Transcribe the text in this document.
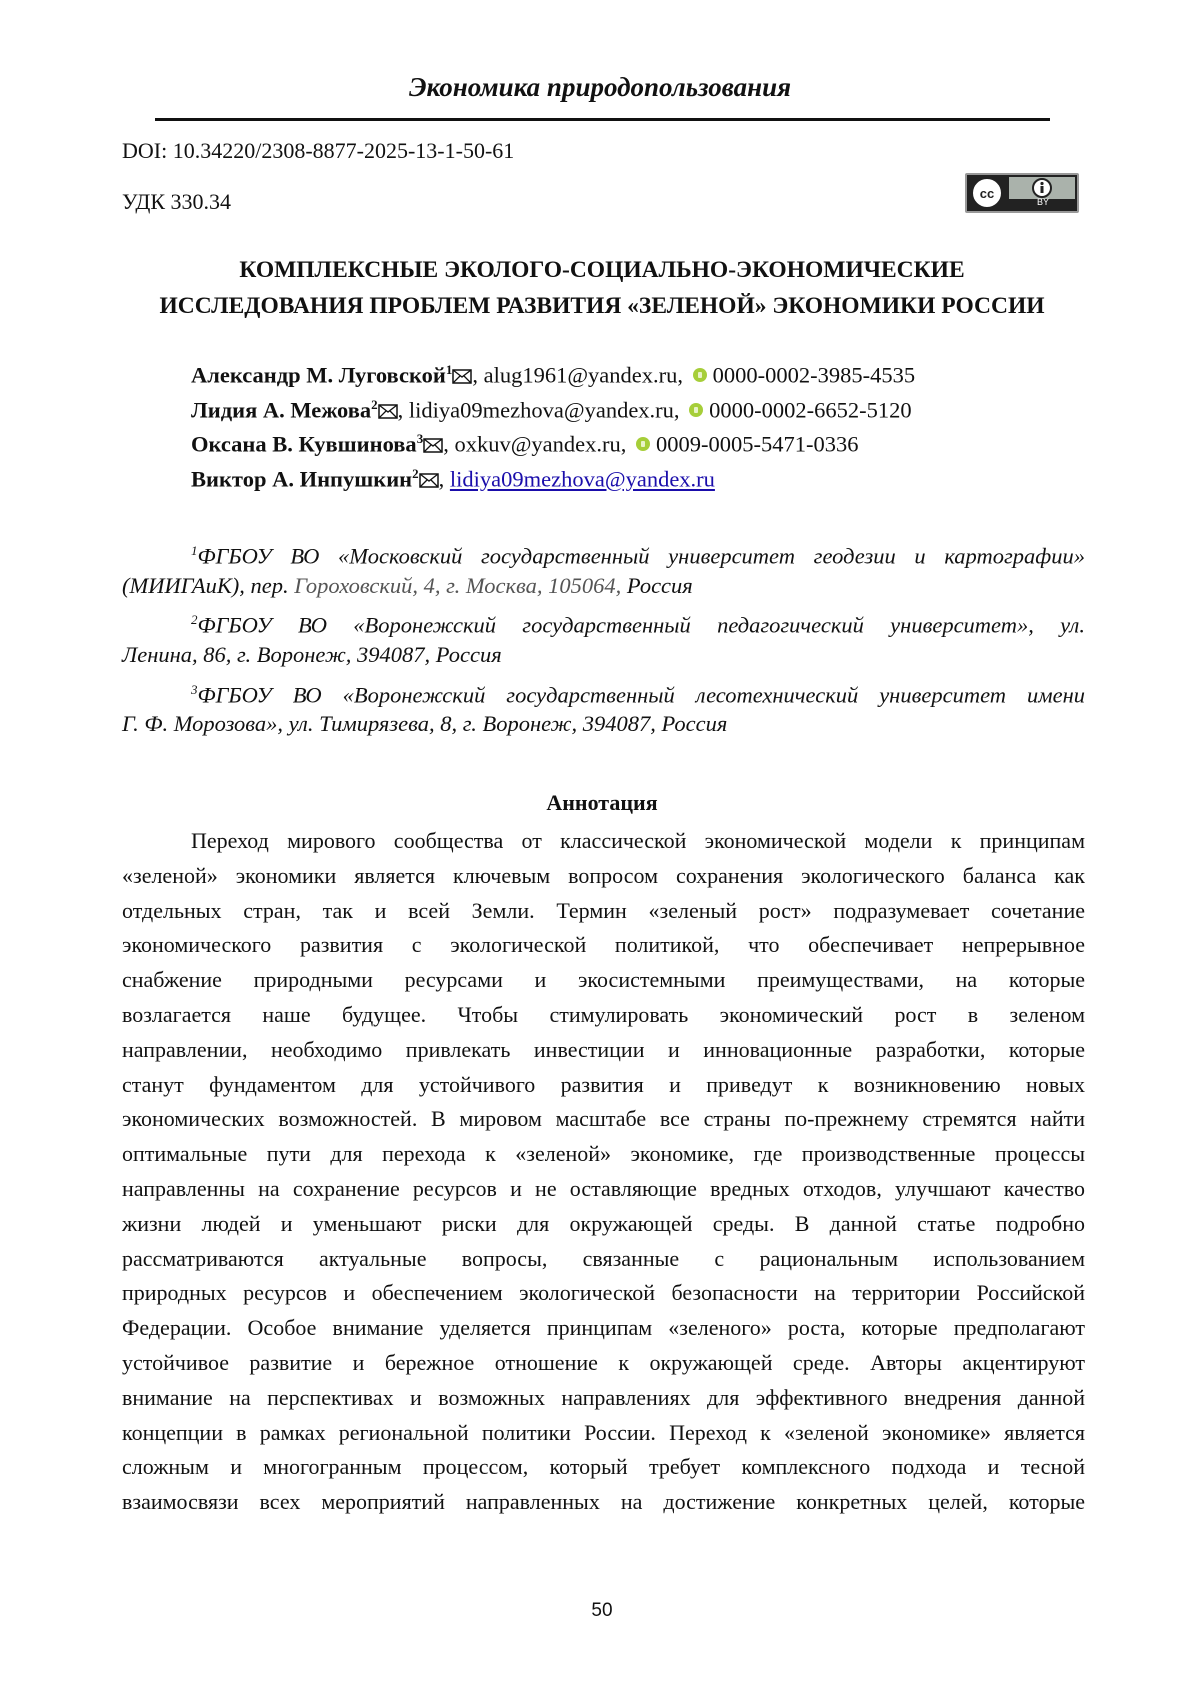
Экономика природопользования
DOI: 10.34220/2308-8877-2025-13-1-50-61
УДК 330.34	cc
BY
КОМПЛЕКСНЫЕ ЭКОЛОГО-СОЦИАЛЬНО-ЭКОНОМИЧЕСКИЕ
ИССЛЕДОВАНИЯ ПРОБЛЕМ РАЗВИТИЯ «ЗЕЛЕНОЙ» ЭКОНОМИКИ РОССИИ
Александр М. Луговской$^1$ , alug1961@yandex.ru, 0000-0002-3985-4535
Лидия А. Межова$^2$ , lidiya09mezhova@yandex.ru, 0000-0002-6652-5120
Оксана В. Кувшинова$^3$ , oxkuv@yandex.ru, 0009-0005-5471-0336
Виктор А. Инпушкин$^2$ , lidiya09mezhova@yandex.ru
$^1$ФГБОУ ВО «Московский государственный университет геодезии и картографии»
(МИИГАиК), пер. Гороховский, 4, г. Москва, 105064, Россия
$^2$ФГБОУ ВО «Воронежский государственный педагогический университет», ул.
Ленина, 86, г. Воронеж, 394087, Россия
$^3$ФГБОУ ВО «Воронежский государственный лесотехнический университет имени
Г. Ф. Морозова», ул. Тимирязева, 8, г. Воронеж, 394087, Россия
Аннотация
Переход мирового сообщества от классической экономической модели к принципам
«зеленой» экономики является ключевым вопросом сохранения экологического баланса как
отдельных стран, так и всей Земли. Термин «зеленый рост» подразумевает сочетание
экономического развития с экологической политикой, что обеспечивает непрерывное
снабжение природными ресурсами и экосистемными преимуществами, на которые
возлагается наше будущее. Чтобы стимулировать экономический рост в зеленом
направлении, необходимо привлекать инвестиции и инновационные разработки, которые
станут фундаментом для устойчивого развития и приведут к возникновению новых
экономических возможностей. В мировом масштабе все страны по-прежнему стремятся найти
оптимальные пути для перехода к «зеленой» экономике, где производственные процессы
направленны на сохранение ресурсов и не оставляющие вредных отходов, улучшают качество
жизни людей и уменьшают риски для окружающей среды. В данной статье подробно
рассматриваются актуальные вопросы, связанные с рациональным использованием
природных ресурсов и обеспечением экологической безопасности на территории Российской
Федерации. Особое внимание уделяется принципам «зеленого» роста, которые предполагают
устойчивое развитие и бережное отношение к окружающей среде. Авторы акцентируют
внимание на перспективах и возможных направлениях для эффективного внедрения данной
концепции в рамках региональной политики России. Переход к «зеленой экономике» является
сложным и многогранным процессом, который требует комплексного подхода и тесной
взаимосвязи всех мероприятий направленных на достижение конкретных целей, которые
50
